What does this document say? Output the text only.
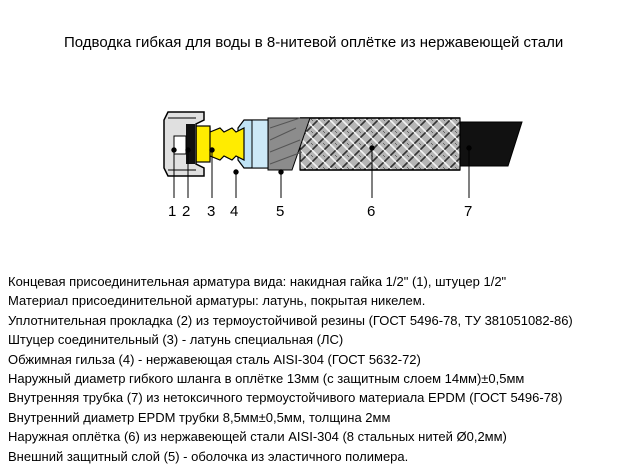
Подводка гибкая для воды в 8-нитевой оплётке из нержавеющей стали
1 2 3 4	5	6	7
Концевая присоединительная арматура вида: накидная гайка 1/2" (1), штуцер 1/2"
Материал присоединительной арматуры: латунь, покрытая никелем.
Уплотнительная прокладка (2) из термоустойчивой резины (ГОСТ 5496-78, ТУ 381051082-86)
Штуцер соединительный (3) - латунь специальная (ЛС)
Обжимная гильза (4) - нержавеющая сталь AISI-304 (ГОСТ 5632-72)
Наружный диаметр гибкого шланга в оплётке 13мм (с защитным слоем 14мм)±0,5мм
Внутренняя трубка (7) из нетоксичного термоустойчивого материала EPDM (ГОСТ 5496-78)
Внутренний диаметр EPDM трубки 8,5мм±0,5мм, толщина 2мм
Наружная оплётка (6) из нержавеющей стали AISI-304 (8 стальных нитей Ø0,2мм)
Внешний защитный слой (5) - оболочка из эластичного полимера.
